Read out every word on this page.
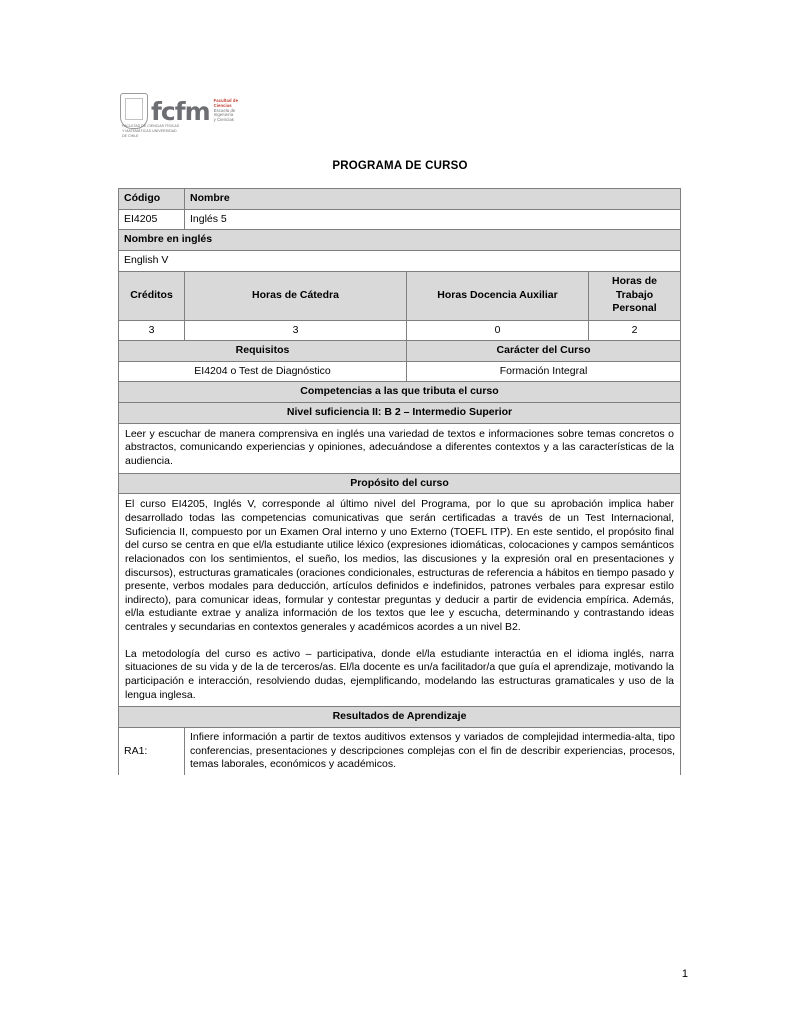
fcfm Facultad de Ciencias
Escuela de Ingeniería
y Ciencias
FACULTAD DE CIENCIAS FÍSICAS Y MATEMÁTICAS UNIVERSIDAD DE CHILE
PROGRAMA DE CURSO
Código	Nombre		
EI4205	Inglés 5		
Nombre en inglés			
English V			
Créditos	Horas de Cátedra	Horas Docencia Auxiliar	Horas de Trabajo Personal
3	3	0	2
Requisitos		Carácter del Curso	
EI4204 o Test de Diagnóstico		Formación Integral	
Competencias a las que tributa el curso			
Nivel suficiencia II: B 2 – Intermedio Superior			
Leer y escuchar de manera comprensiva en inglés una variedad de textos e informaciones sobre temas concretos o abstractos, comunicando experiencias y opiniones, adecuándose a diferentes contextos y a las características de la audiencia.			
Propósito del curso			

El curso EI4205, Inglés V, corresponde al último nivel del Programa, por lo que su aprobación implica haber desarrollado todas las competencias comunicativas que serán certificadas a través de un Test Internacional, Suficiencia II, compuesto por un Examen Oral interno y uno Externo (TOEFL ITP). En este sentido, el propósito final del curso se centra en que el/la estudiante utilice léxico (expresiones idiomáticas, colocaciones y campos semánticos relacionados con los sentimientos, el sueño, los medios, las discusiones y la expresión oral en presentaciones y discursos), estructuras gramaticales (oraciones condicionales, estructuras de referencia a hábitos en tiempo pasado y presente, verbos modales para deducción, artículos definidos e indefinidos, patrones verbales para expresar estilo indirecto), para comunicar ideas, formular y contestar preguntas y deducir a partir de evidencia empírica. Además, el/la estudiante extrae y analiza información de los textos que lee y escucha, determinando y contrastando ideas centrales y secundarias en contextos generales y académicos acordes a un nivel B2.

La metodología del curso es activo – participativa, donde el/la estudiante interactúa en el idioma inglés, narra situaciones de su vida y de la de terceros/as. El/la docente es un/a facilitador/a que guía el aprendizaje, motivando la participación e interacción, resolviendo dudas, ejemplificando, modelando las estructuras gramaticales y uso de la lengua inglesa.			

Resultados de Aprendizaje			
RA1:	Infiere información a partir de textos auditivos extensos y variados de complejidad intermedia-alta, tipo conferencias, presentaciones y descripciones complejas con el fin de describir experiencias, procesos, temas laborales, económicos y académicos.		
1
